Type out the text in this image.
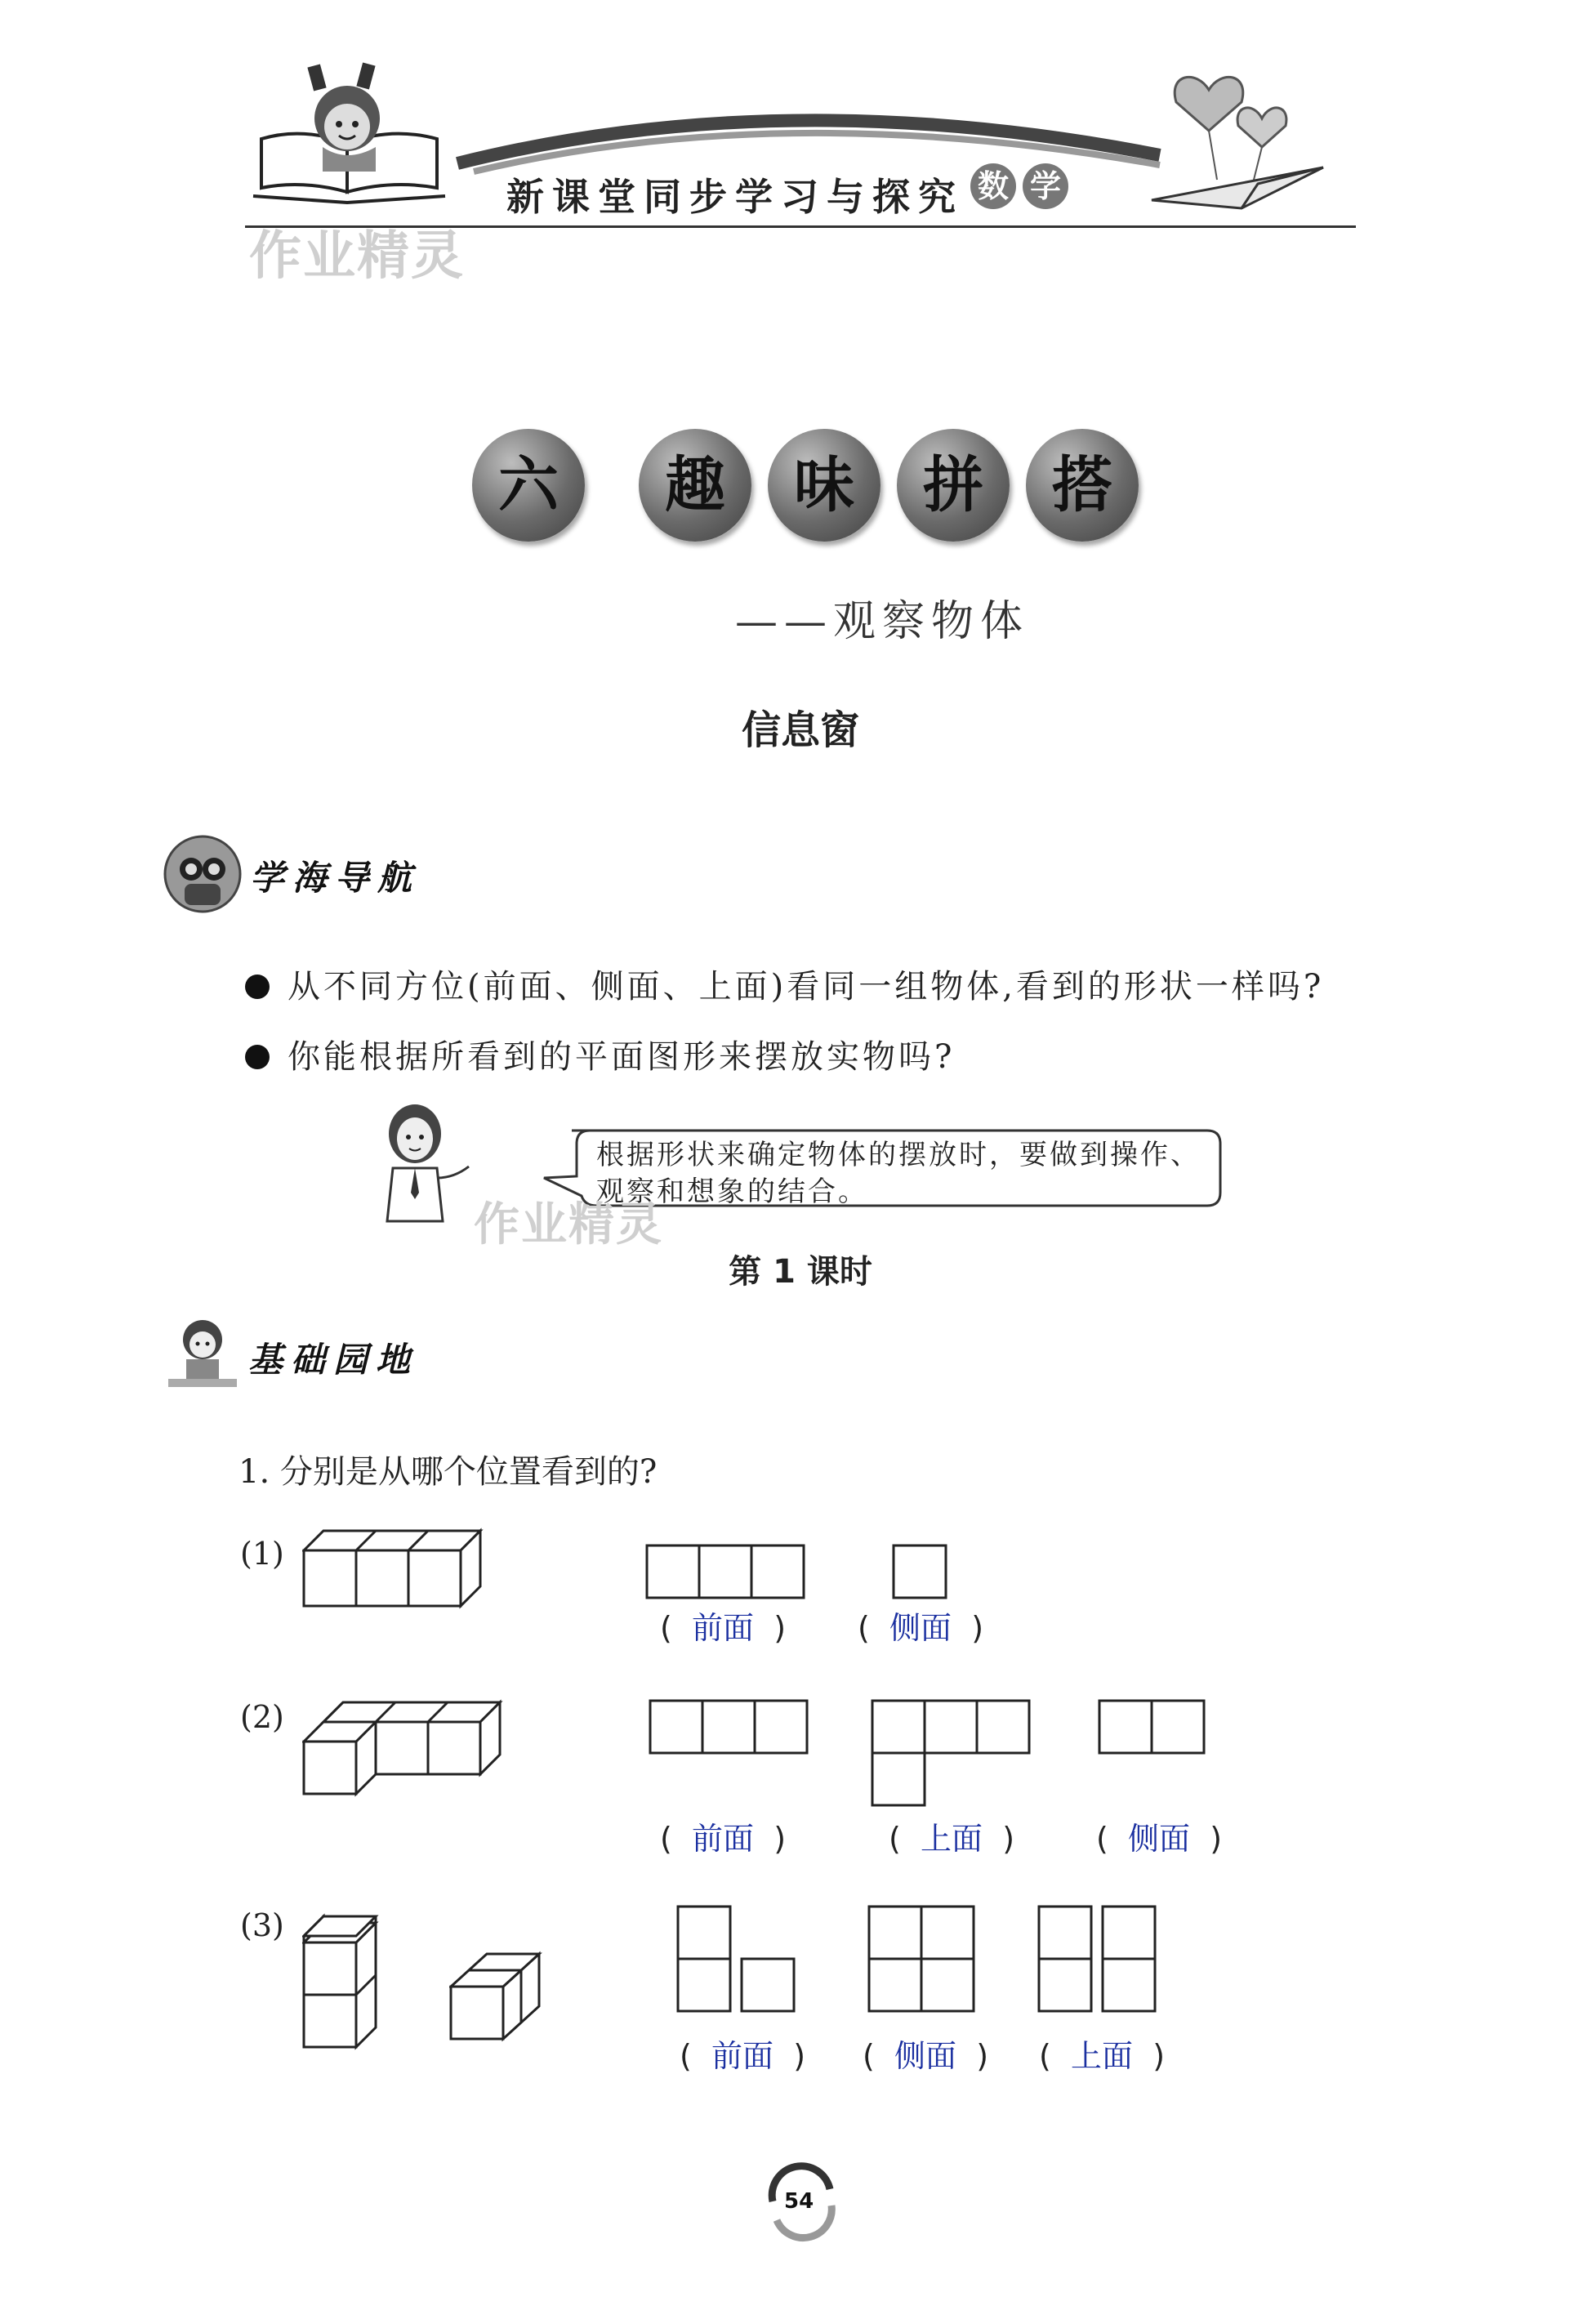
✦	✦
新课堂同步学习与探究 数 学
作业精灵
六	趣	味	拼	搭
——观察物体
信息窗
学海导航
从不同方位(前面、侧面、上面)看同一组物体,看到的形状一样吗?
你能根据所看到的平面图形来摆放实物吗?
根据形状来确定物体的摆放时，要做到操作、观察和想象的结合。
作业精灵
第 1 课时
基础园地
1. 分别是从哪个位置看到的?
(1)
( 前面 ) ( 侧面 )
(2)
( 前面 )	( 上面 )	( 侧面 )
(3)
( 前面 ) ( 侧面 ) ( 上面 )
54
